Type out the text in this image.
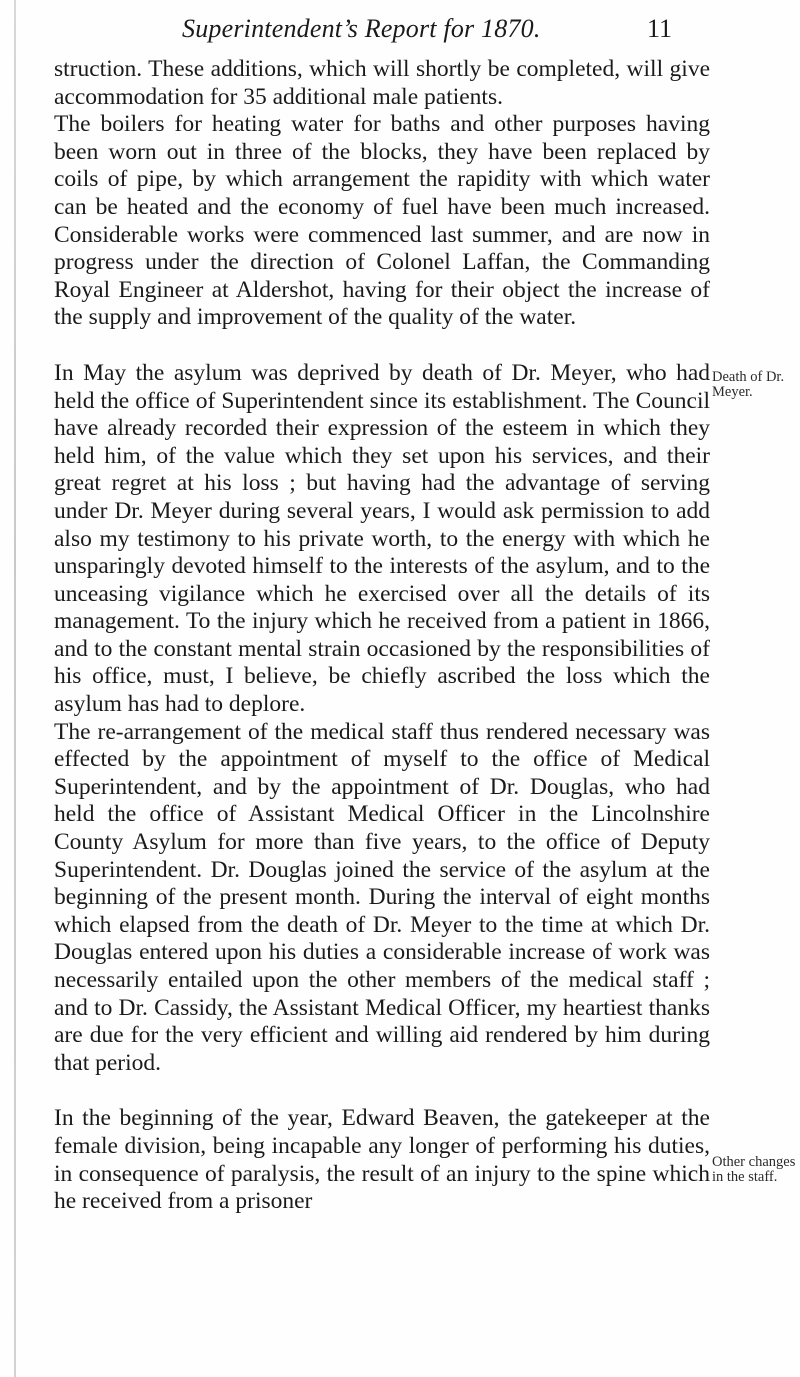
Superintendent’s Report for 1870.	11

struction. These additions, which will shortly be completed, will give accommodation for 35 additional male patients.

The boilers for heating water for baths and other purposes having been worn out in three of the blocks, they have been replaced by coils of pipe, by which arrangement the rapidity with which water can be heated and the economy of fuel have been much increased. Considerable works were commenced last summer, and are now in progress under the direction of Colonel Laffan, the Commanding Royal Engineer at Aldershot, having for their object the increase of the supply and improvement of the quality of the water.

In May the asylum was deprived by death of Dr. Meyer, who had held the office of Superintendent since its establishment. The Council have already recorded their expression of the esteem in which they held him, of the value which they set upon his services, and their great regret at his loss ; but having had the advantage of serving under Dr. Meyer during several years, I would ask permission to add also my testimony to his private worth, to the energy with which he unsparingly devoted himself to the interests of the asylum, and to the unceasing vigilance which he exercised over all the details of its management. To the injury which he received from a patient in 1866, and to the constant mental strain occasioned by the responsibilities of his office, must, I believe, be chiefly ascribed the loss which the asylum has had to deplore.

The re-arrangement of the medical staff thus rendered necessary was effected by the appointment of myself to the office of Medical Superintendent, and by the appointment of Dr. Douglas, who had held the office of Assistant Medical Officer in the Lincolnshire County Asylum for more than five years, to the office of Deputy Superintendent. Dr. Douglas joined the service of the asylum at the beginning of the present month. During the interval of eight months which elapsed from the death of Dr. Meyer to the time at which Dr. Douglas entered upon his duties a considerable increase of work was necessarily entailed upon the other members of the medical staff ; and to Dr. Cassidy, the Assistant Medical Officer, my heartiest thanks are due for the very efficient and willing aid rendered by him during that period.

In the beginning of the year, Edward Beaven, the gatekeeper at the female division, being incapable any longer of performing his duties, in consequence of paralysis, the result of an injury to the spine which he received from a prisoner

Death of Dr. Meyer.
Other changes in the staff.
